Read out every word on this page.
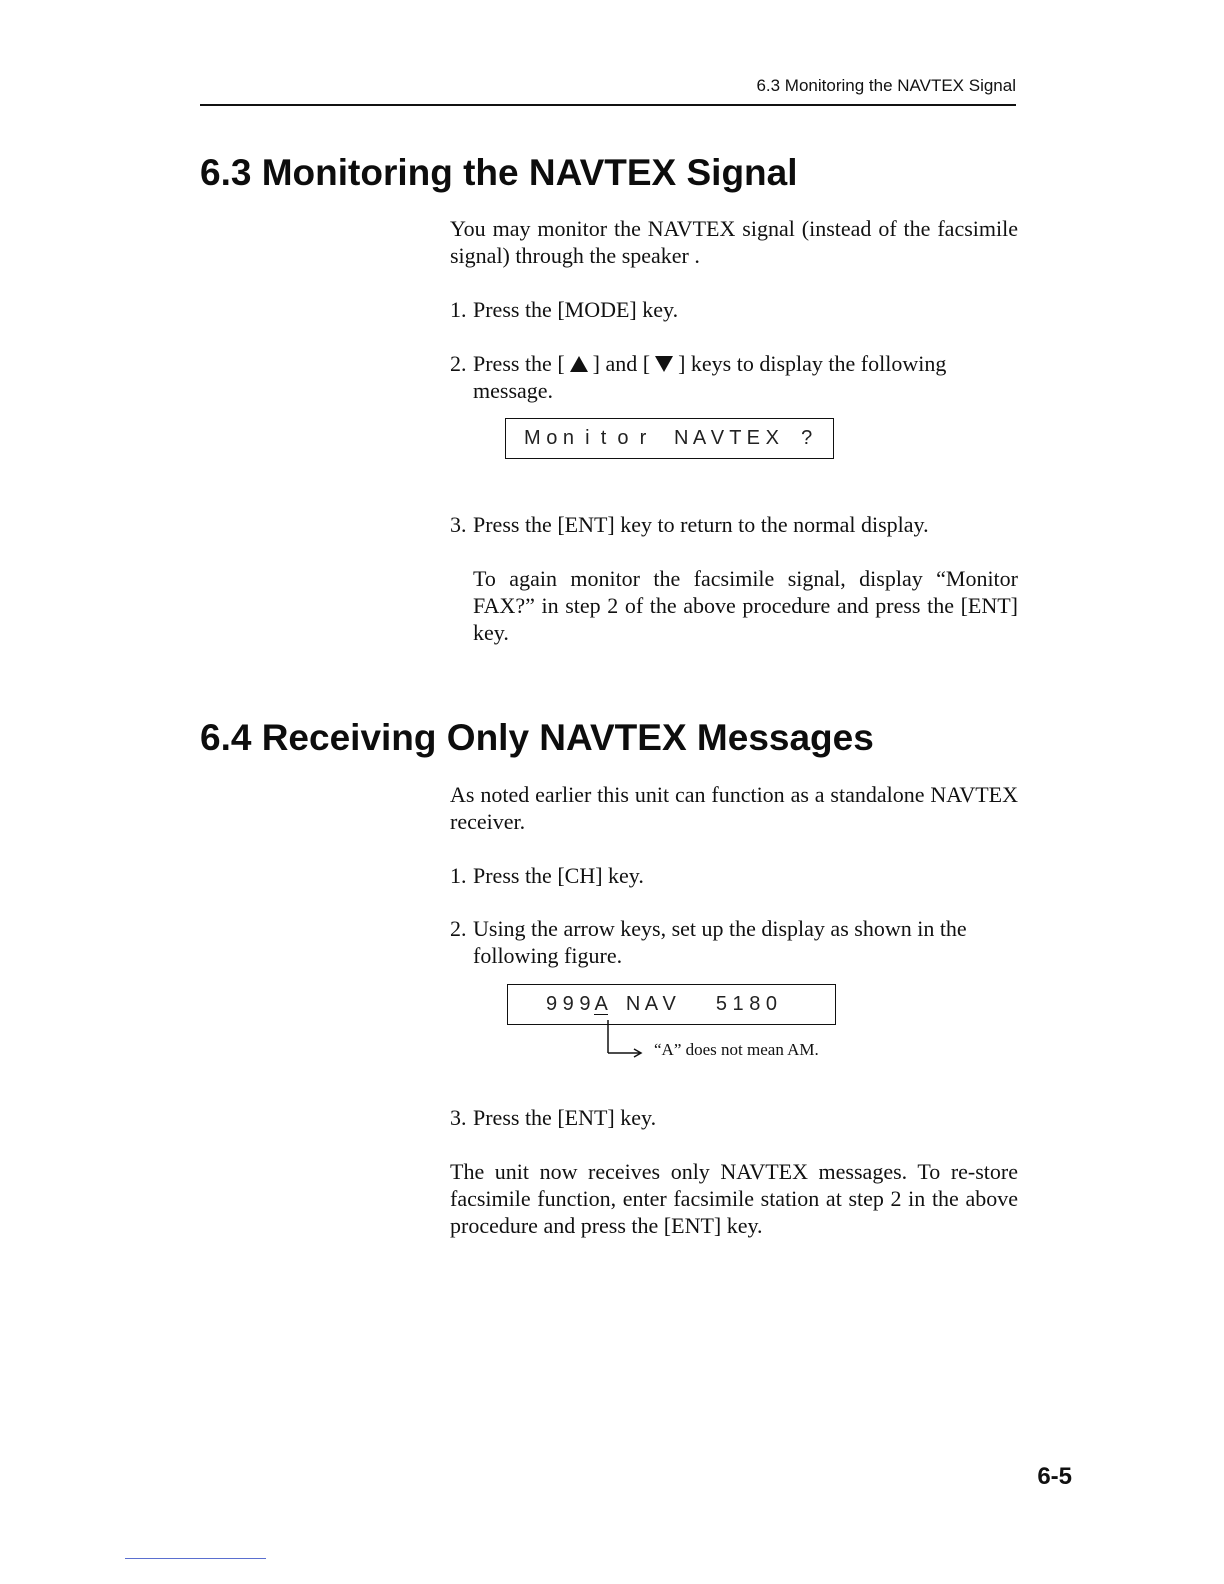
6.3 Monitoring the NAVTEX Signal
6.3 Monitoring the NAVTEX Signal

You may monitor the NAVTEX signal (instead of the facsimile signal) through the speaker .

1. Press the [MODE] key.

2. Press the [ ] and [ ] keys to display the following
message.

M o n  i  t  o  r     N A V T E X    ?

3. Press the [ENT] key to return to the normal display.

To again monitor the facsimile signal, display “Monitor FAX?” in step 2 of the above procedure and press the [ENT] key.

6.4 Receiving Only NAVTEX Messages

As noted earlier this unit can function as a standalone NAVTEX receiver.

1. Press the [CH] key.

2. Using the arrow keys, set up the display as shown in the
following figure.

9 9 9 A N A V 5 1 8 0
“A” does not mean AM.

3. Press the [ENT] key.

The unit now receives only NAVTEX messages. To re-store facsimile function, enter facsimile station at step 2 in the above procedure and press the [ENT] key.

6-5
